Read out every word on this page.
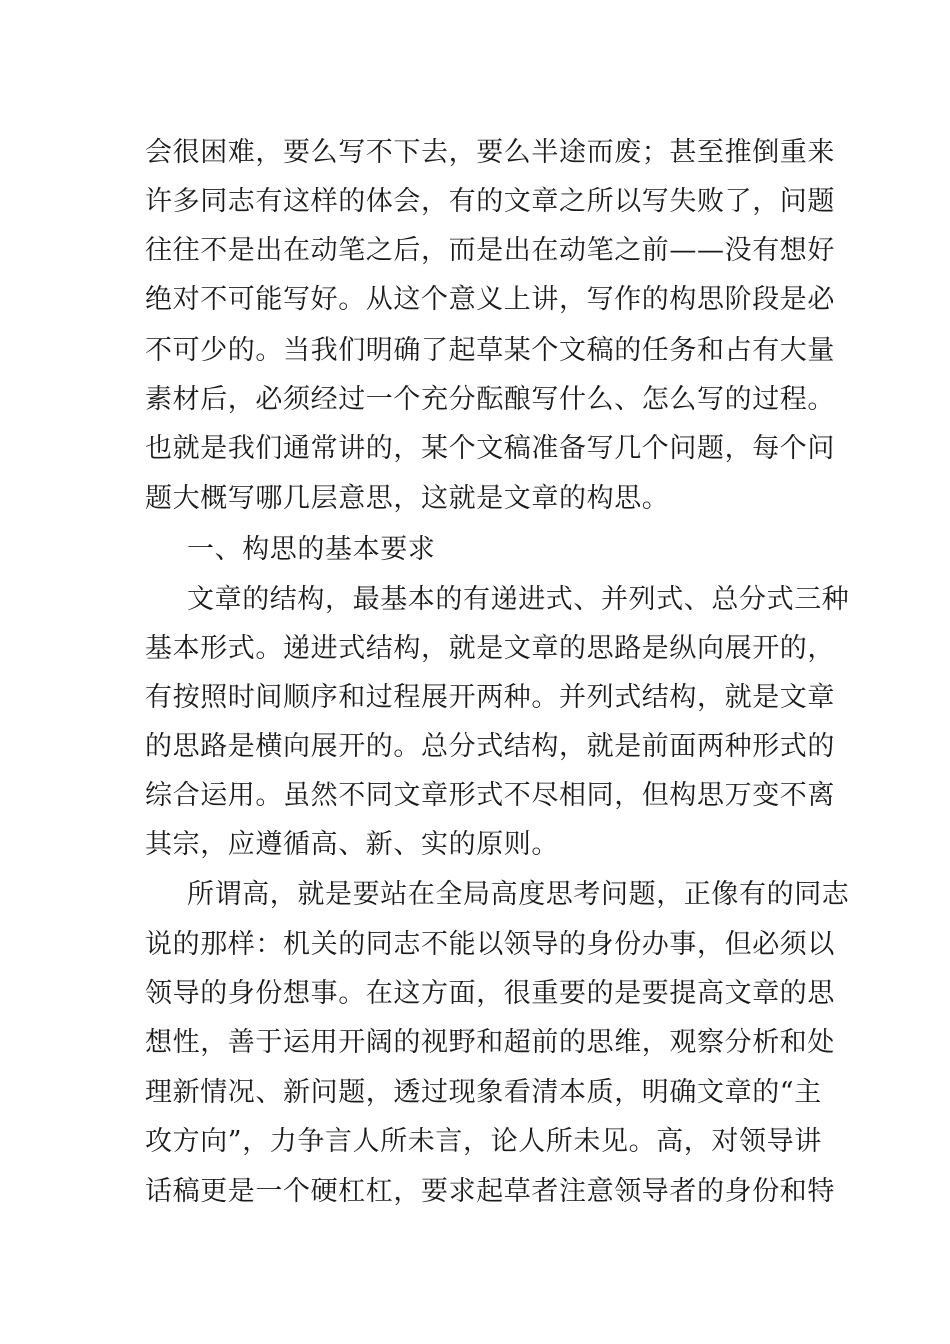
会很困难，要么写不下去，要么半途而废；甚至推倒重来
许多同志有这样的体会，有的文章之所以写失败了，问题
往往不是出在动笔之后，而是出在动笔之前——没有想好
绝对不可能写好。从这个意义上讲，写作的构思阶段是必
不可少的。当我们明确了起草某个文稿的任务和占有大量
素材后，必须经过一个充分酝酿写什么、怎么写的过程。
也就是我们通常讲的，某个文稿准备写几个问题，每个问
题大概写哪几层意思，这就是文章的构思。
一、构思的基本要求
文章的结构，最基本的有递进式、并列式、总分式三种
基本形式。递进式结构，就是文章的思路是纵向展开的，
有按照时间顺序和过程展开两种。并列式结构，就是文章
的思路是横向展开的。总分式结构，就是前面两种形式的
综合运用。虽然不同文章形式不尽相同，但构思万变不离
其宗，应遵循高、新、实的原则。
所谓高，就是要站在全局高度思考问题，正像有的同志
说的那样：机关的同志不能以领导的身份办事，但必须以
领导的身份想事。在这方面，很重要的是要提高文章的思
想性，善于运用开阔的视野和超前的思维，观察分析和处
理新情况、新问题，透过现象看清本质，明确文章的“主
攻方向”，力争言人所未言，论人所未见。高，对领导讲
话稿更是一个硬杠杠，要求起草者注意领导者的身份和特
